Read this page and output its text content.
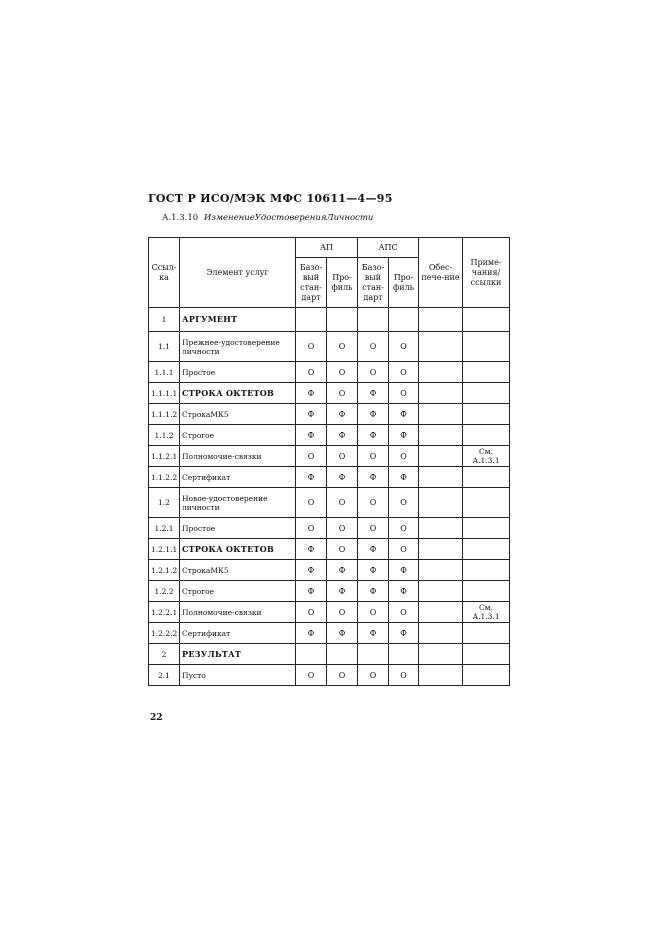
ГОСТ Р ИСО/МЭК МФС 10611—4—95
А.1.3.10 ИзменениеУдостоверенияЛичности
Ссыл-ка	Элемент услуг	АП		АПС		Обес-пече-ние	Приме-чания/ ссылки
		Базо-вый стан-дарт	Про-филь	Базо-вый стан-дарт	Про-филь		
1	АРГУМЕНТ						
1.1	Прежнее-удостоверение личности	О	О	О	О		
1.1.1	Простое	О	О	О	О		
1.1.1.1	СТРОКА ОКТЕТОВ	Ф	О	Ф	О		
1.1.1.2	СтрокаМК5	Ф	Ф	Ф	Ф		
1.1.2	Строгое	Ф	Ф	Ф	Ф		
1.1.2.1	Полномочие-связки	О	О	О	О		См. А.1.3.1
1.1.2.2	Сертификат	Ф	Ф	Ф	Ф		
1.2	Новое-удостоверение личности	О	О	О	О		
1.2.1	Простое	О	О	О	О		
1.2.1.1	СТРОКА ОКТЕТОВ	Ф	О	Ф	О		
1.2.1.2	СтрокаМК5	Ф	Ф	Ф	Ф		
1.2.2	Строгое	Ф	Ф	Ф	Ф		
1.2.2.1	Полномочие-связки	О	О	О	О		См. А.1.3.1
1.2.2.2	Сертификат	Ф	Ф	Ф	Ф		
2	РЕЗУЛЬТАТ						
2.1	Пусто	О	О	О	О		
22
